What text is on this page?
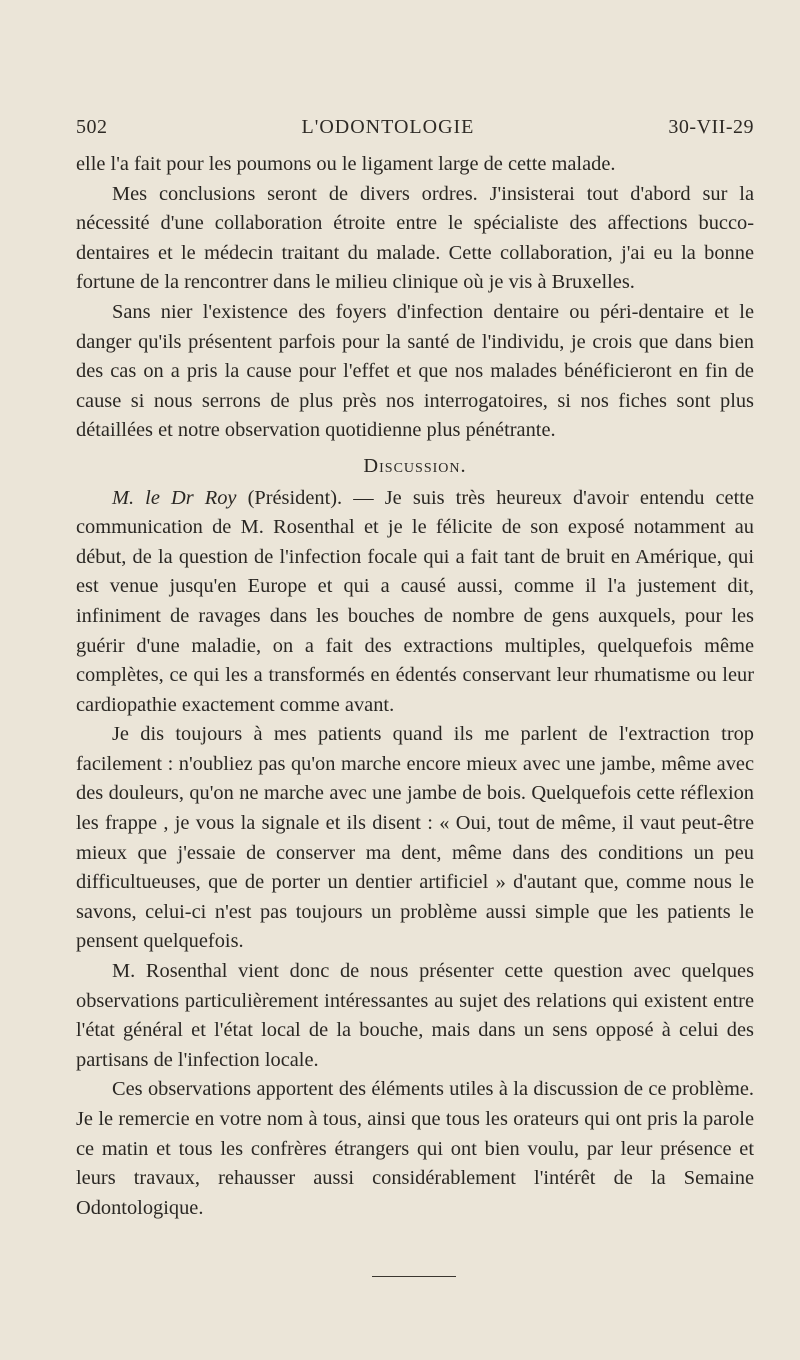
502	L'ODONTOLOGIE	30-VII-29

elle l'a fait pour les poumons ou le ligament large de cette malade.

Mes conclusions seront de divers ordres. J'insisterai tout d'abord sur la nécessité d'une collaboration étroite entre le spécialiste des affections bucco-dentaires et le médecin traitant du malade. Cette collaboration, j'ai eu la bonne fortune de la rencontrer dans le milieu clinique où je vis à Bruxelles.

Sans nier l'existence des foyers d'infection dentaire ou péri-dentaire et le danger qu'ils présentent parfois pour la santé de l'individu, je crois que dans bien des cas on a pris la cause pour l'effet et que nos malades bénéficieront en fin de cause si nous serrons de plus près nos interrogatoires, si nos fiches sont plus détaillées et notre observation quotidienne plus pénétrante.

Discussion.

M. le Dr Roy (Président). — Je suis très heureux d'avoir entendu cette communication de M. Rosenthal et je le félicite de son exposé notamment au début, de la question de l'infection focale qui a fait tant de bruit en Amérique, qui est venue jusqu'en Europe et qui a causé aussi, comme il l'a justement dit, infiniment de ravages dans les bouches de nombre de gens auxquels, pour les guérir d'une maladie, on a fait des extractions multiples, quelquefois même complètes, ce qui les a transformés en édentés conservant leur rhumatisme ou leur cardiopathie exactement comme avant.

Je dis toujours à mes patients quand ils me parlent de l'extraction trop facilement : n'oubliez pas qu'on marche encore mieux avec une jambe, même avec des douleurs, qu'on ne marche avec une jambe de bois. Quelquefois cette réflexion les frappe , je vous la signale et ils disent : « Oui, tout de même, il vaut peut-être mieux que j'essaie de conserver ma dent, même dans des conditions un peu difficultueuses, que de porter un dentier artificiel » d'autant que, comme nous le savons, celui-ci n'est pas toujours un problème aussi simple que les patients le pensent quelquefois.

M. Rosenthal vient donc de nous présenter cette question avec quelques observations particulièrement intéressantes au sujet des relations qui existent entre l'état général et l'état local de la bouche, mais dans un sens opposé à celui des partisans de l'infection locale.

Ces observations apportent des éléments utiles à la discussion de ce problème. Je le remercie en votre nom à tous, ainsi que tous les orateurs qui ont pris la parole ce matin et tous les confrères étrangers qui ont bien voulu, par leur présence et leurs travaux, rehausser aussi considérablement l'intérêt de la Semaine Odontologique.
